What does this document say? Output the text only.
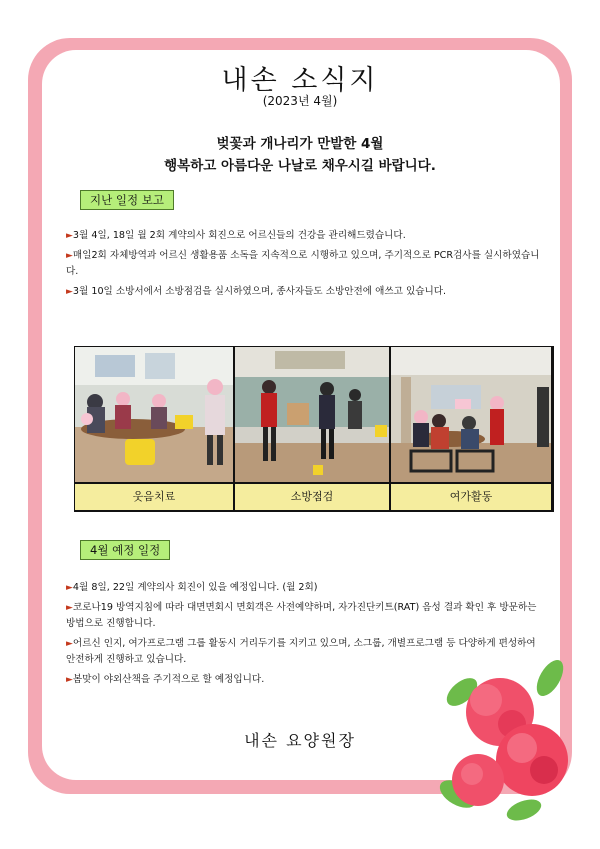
내손 소식지
(2023년 4월)
벚꽃과 개나리가 만발한 4월
행복하고 아름다운 나날로 채우시길 바랍니다.
지난 일정 보고

►3월 4일, 18일 월 2회 계약의사 회진으로 어르신들의 건강을 관리해드렸습니다.

►매일2회 자체방역과 어르신 생활용품 소독을 지속적으로 시행하고 있으며, 주기적으로 PCR검사를 실시하였습니다.

►3월 10일 소방서에서 소방점검을 실시하였으며, 종사자들도 소방안전에 애쓰고 있습니다.

웃음치료	소방점검	여가활동
4월 예정 일정

►4월 8일, 22일 계약의사 회진이 있을 예정입니다. (월 2회)

►코로나19 방역지침에 따라 대면면회시 면회객은 사전예약하며, 자가진단키트(RAT) 음성 결과 확인 후 방문하는 방법으로 진행합니다.

►어르신 인지, 여가프로그램 그룹 활동시 거리두기를 지키고 있으며, 소그룹, 개별프로그램 등 다양하게 편성하여 안전하게 진행하고 있습니다.

►봄맞이 야외산책을 주기적으로 할 예정입니다.

내손 요양원장
